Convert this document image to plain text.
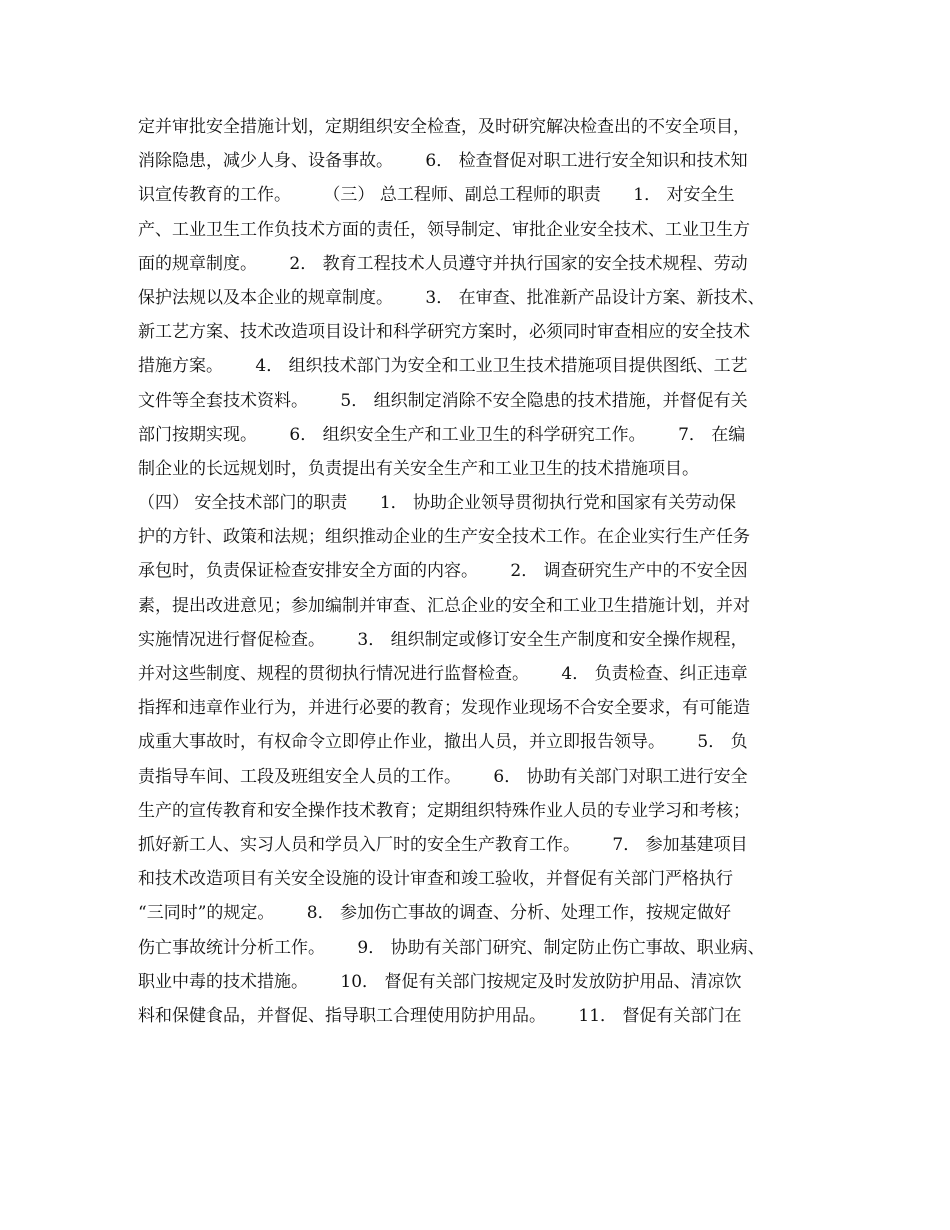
定并审批安全措施计划，定期组织安全检查，及时研究解决检查出的不安全项目，
消除隐患，减少人身、设备事故。      6． 检查督促对职工进行安全知识和技术知
识宣传教育的工作。      （三） 总工程师、副总工程师的职责      1． 对安全生
产、工业卫生工作负技术方面的责任，领导制定、审批企业安全技术、工业卫生方
面的规章制度。      2． 教育工程技术人员遵守并执行国家的安全技术规程、劳动
保护法规以及本企业的规章制度。      3． 在审查、批准新产品设计方案、新技术、
新工艺方案、技术改造项目设计和科学研究方案时，必须同时审查相应的安全技术
措施方案。      4． 组织技术部门为安全和工业卫生技术措施项目提供图纸、工艺
文件等全套技术资料。      5． 组织制定消除不安全隐患的技术措施，并督促有关
部门按期实现。      6． 组织安全生产和工业卫生的科学研究工作。      7． 在编
制企业的长远规划时，负责提出有关安全生产和工业卫生的技术措施项目。
（四） 安全技术部门的职责      1． 协助企业领导贯彻执行党和国家有关劳动保
护的方针、政策和法规；组织推动企业的生产安全技术工作。在企业实行生产任务
承包时，负责保证检查安排安全方面的内容。      2． 调查研究生产中的不安全因
素，提出改进意见；参加编制并审查、汇总企业的安全和工业卫生措施计划，并对
实施情况进行督促检查。      3． 组织制定或修订安全生产制度和安全操作规程，
并对这些制度、规程的贯彻执行情况进行监督检查。      4． 负责检查、纠正违章
指挥和违章作业行为，并进行必要的教育；发现作业现场不合安全要求，有可能造
成重大事故时，有权命令立即停止作业，撤出人员，并立即报告领导。      5． 负
责指导车间、工段及班组安全人员的工作。      6． 协助有关部门对职工进行安全
生产的宣传教育和安全操作技术教育；定期组织特殊作业人员的专业学习和考核；
抓好新工人、实习人员和学员入厂时的安全生产教育工作。      7． 参加基建项目
和技术改造项目有关安全设施的设计审查和竣工验收，并督促有关部门严格执行
“三同时”的规定。      8． 参加伤亡事故的调查、分析、处理工作，按规定做好
伤亡事故统计分析工作。      9． 协助有关部门研究、制定防止伤亡事故、职业病、
职业中毒的技术措施。      10． 督促有关部门按规定及时发放防护用品、清凉饮
料和保健食品，并督促、指导职工合理使用防护用品。      11． 督促有关部门在
